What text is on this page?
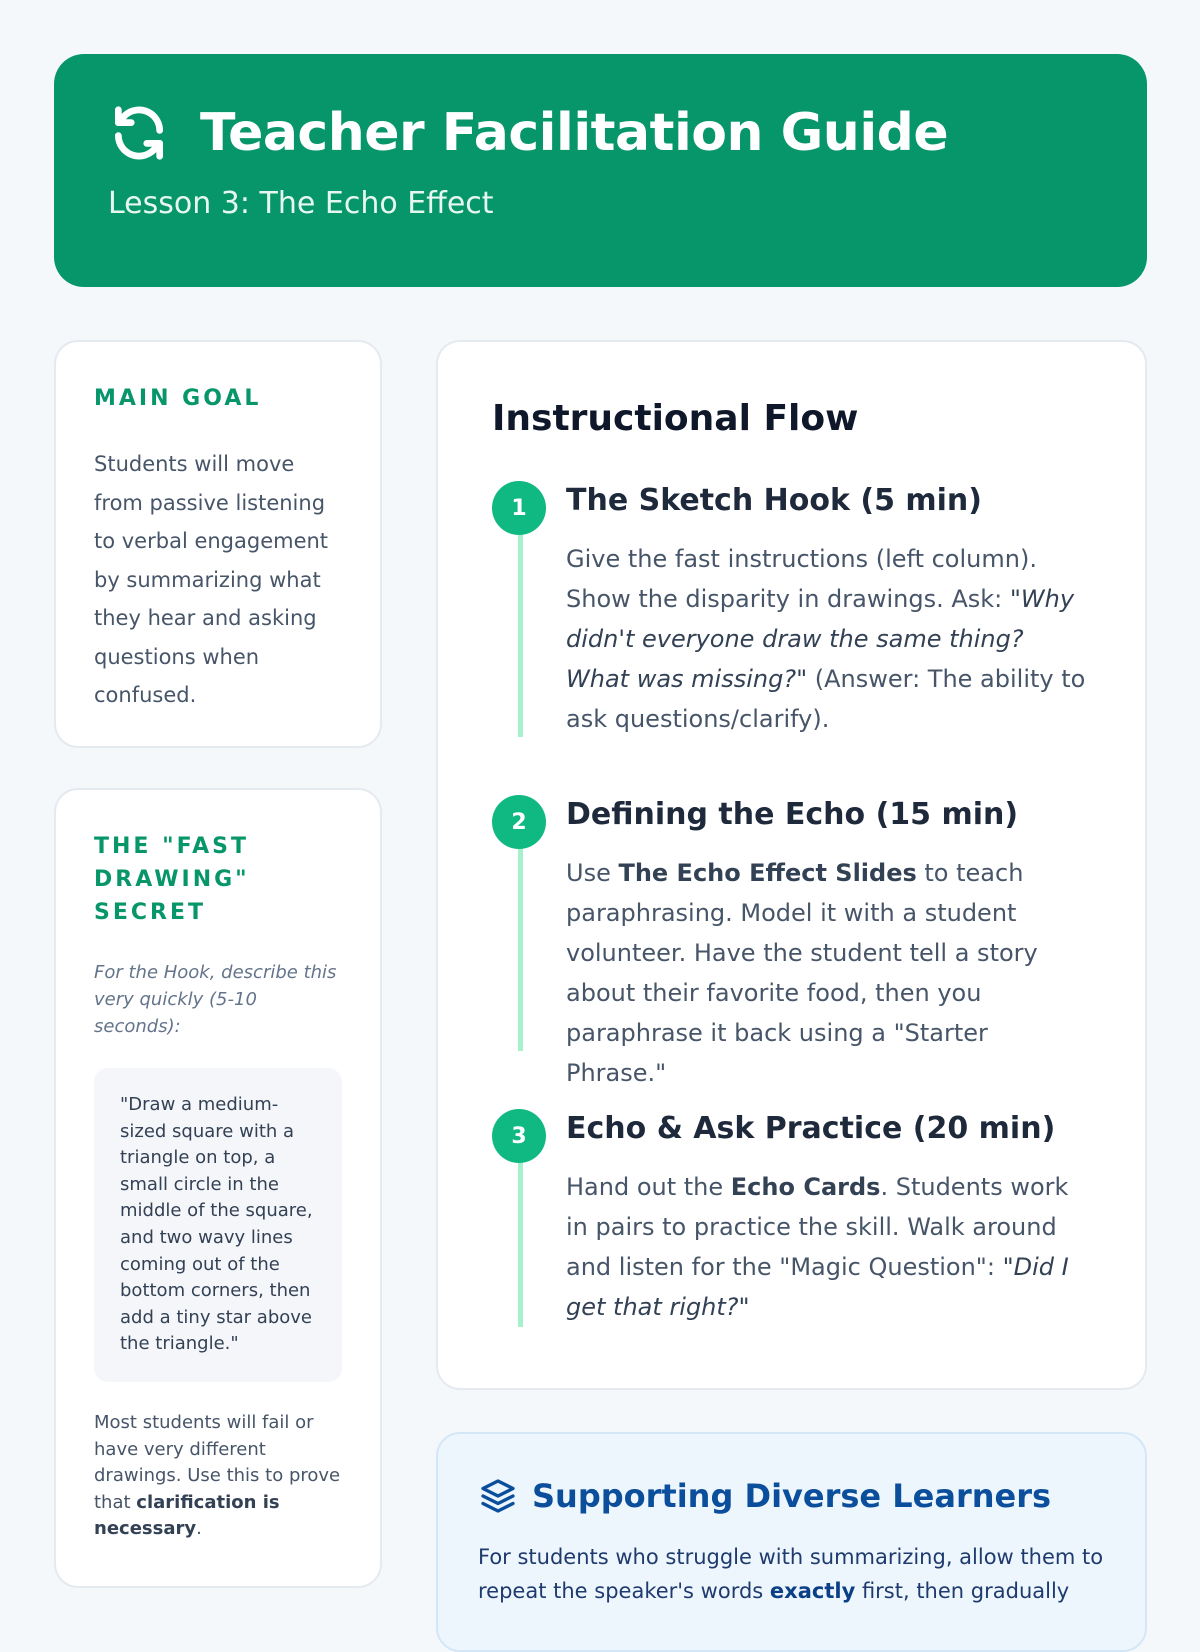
Teacher Facilitation Guide
Lesson 3: The Echo Effect
MAIN GOAL

Students will move from passive listening to verbal engagement by summarizing what they hear and asking questions when confused.

THE "FAST DRAWING" SECRET

For the Hook, describe this very quickly (5-10 seconds):

"Draw a medium-sized square with a triangle on top, a small circle in the middle of the square, and two wavy lines coming out of the bottom corners, then add a tiny star above the triangle."

Most students will fail or have very different drawings. Use this to prove that clarification is necessary.

Instructional Flow
1	The Sketch Hook (5 min)

Give the fast instructions (left column). Show the disparity in drawings. Ask: "Why didn't everyone draw the same thing? What was missing?" (Answer: The ability to ask questions/clarify).

2	Defining the Echo (15 min)

Use The Echo Effect Slides to teach paraphrasing. Model it with a student volunteer. Have the student tell a story about their favorite food, then you paraphrase it back using a "Starter Phrase."

3	Echo & Ask Practice (20 min)

Hand out the Echo Cards. Students work in pairs to practice the skill. Walk around and listen for the "Magic Question": "Did I get that right?"

Supporting Diverse Learners

For students who struggle with summarizing, allow them to repeat the speaker's words exactly first, then gradually
